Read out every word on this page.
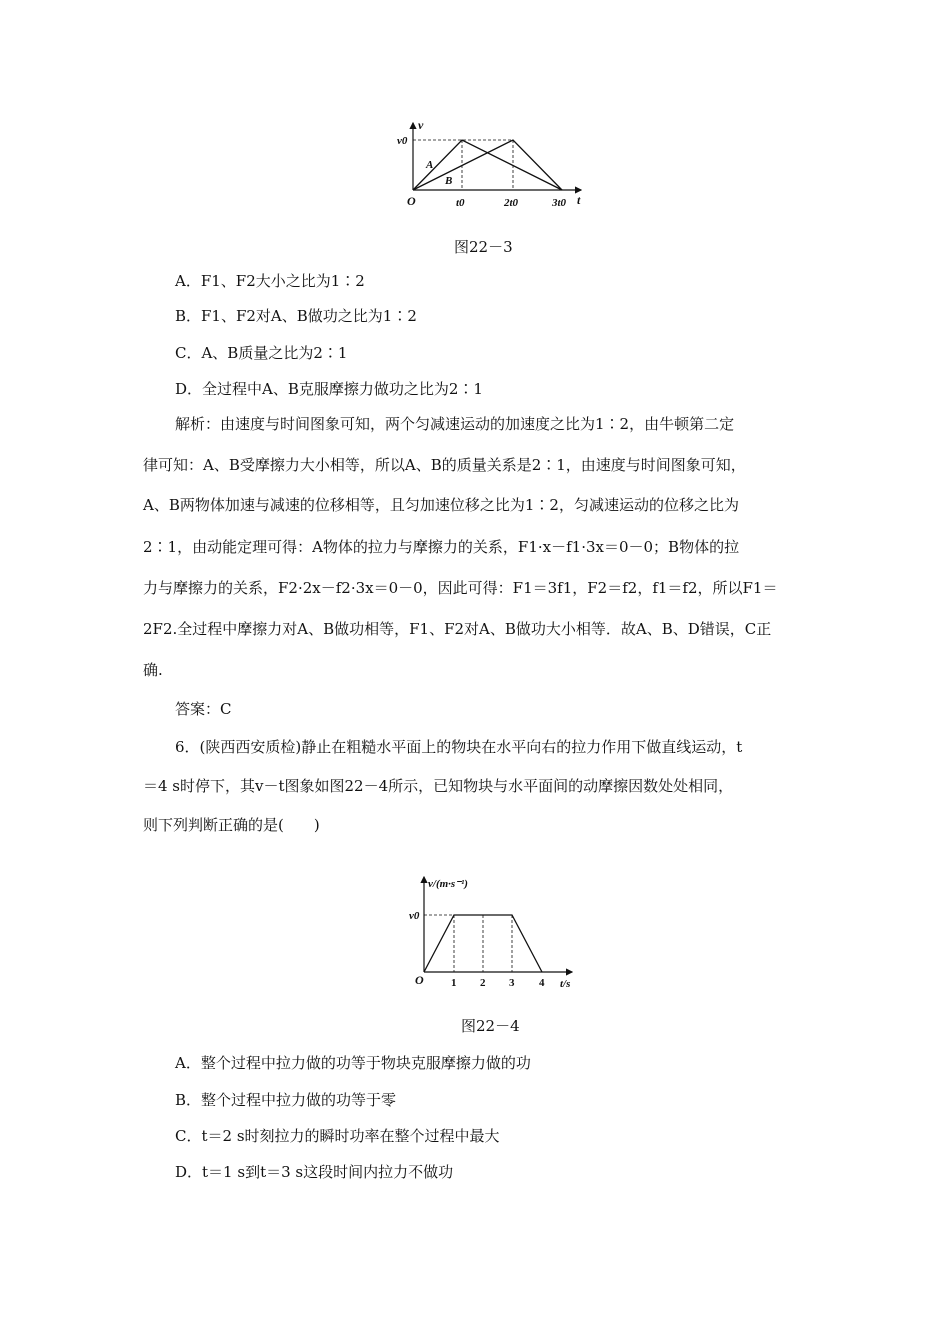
v
t
O
v0
t0	2t0	3t0
A
B
图22－3
A．F1、F2大小之比为1∶2
B．F1、F2对A、B做功之比为1∶2
C．A、B质量之比为2∶1
D．全过程中A、B克服摩擦力做功之比为2∶1
解析：由速度与时间图象可知，两个匀减速运动的加速度之比为1∶2，由牛顿第二定
律可知：A、B受摩擦力大小相等，所以A、B的质量关系是2∶1，由速度与时间图象可知，
A、B两物体加速与减速的位移相等，且匀加速位移之比为1∶2，匀减速运动的位移之比为
2∶1，由动能定理可得：A物体的拉力与摩擦力的关系，F1·x－f1·3x＝0－0；B物体的拉
力与摩擦力的关系，F2·2x－f2·3x＝0－0，因此可得：F1＝3f1，F2＝f2，f1＝f2，所以F1＝
2F2.全过程中摩擦力对A、B做功相等，F1、F2对A、B做功大小相等．故A、B、D错误，C正
确.
答案：C
6．(陕西西安质检)静止在粗糙水平面上的物块在水平向右的拉力作用下做直线运动，t
＝4 s时停下，其v－t图象如图22－4所示，已知物块与水平面间的动摩擦因数处处相同，
则下列判断正确的是(　　)
v/(m·s⁻¹)
t/s
O
v0
1 2 3 4
图22－4
A．整个过程中拉力做的功等于物块克服摩擦力做的功
B．整个过程中拉力做的功等于零
C．t＝2 s时刻拉力的瞬时功率在整个过程中最大
D．t＝1 s到t＝3 s这段时间内拉力不做功
